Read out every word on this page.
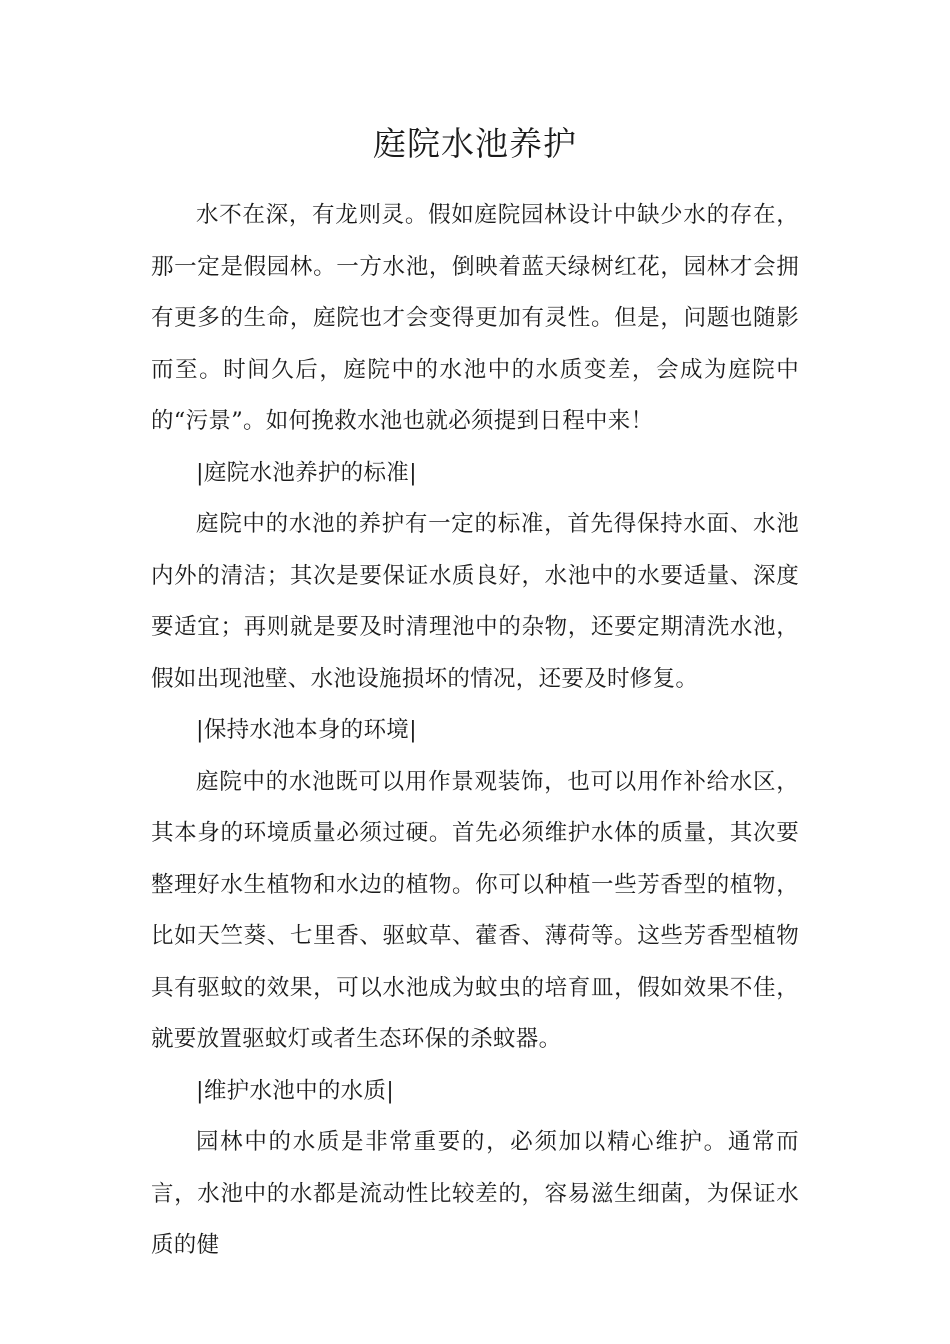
庭院水池养护

水不在深，有龙则灵。假如庭院园林设计中缺少水的存在，那一定是假园林。一方水池，倒映着蓝天绿树红花，园林才会拥有更多的生命，庭院也才会变得更加有灵性。但是，问题也随影而至。时间久后，庭院中的水池中的水质变差，会成为庭院中的“污景”。如何挽救水池也就必须提到日程中来！

|庭院水池养护的标准|

庭院中的水池的养护有一定的标准，首先得保持水面、水池内外的清洁；其次是要保证水质良好，水池中的水要适量、深度要适宜；再则就是要及时清理池中的杂物，还要定期清洗水池，假如出现池壁、水池设施损坏的情况，还要及时修复。

|保持水池本身的环境|

庭院中的水池既可以用作景观装饰，也可以用作补给水区，其本身的环境质量必须过硬。首先必须维护水体的质量，其次要整理好水生植物和水边的植物。你可以种植一些芳香型的植物，比如天竺葵、七里香、驱蚊草、藿香、薄荷等。这些芳香型植物具有驱蚊的效果，可以水池成为蚊虫的培育皿，假如效果不佳，就要放置驱蚊灯或者生态环保的杀蚊器。

|维护水池中的水质|

园林中的水质是非常重要的，必须加以精心维护。通常而言，水池中的水都是流动性比较差的，容易滋生细菌，为保证水质的健
